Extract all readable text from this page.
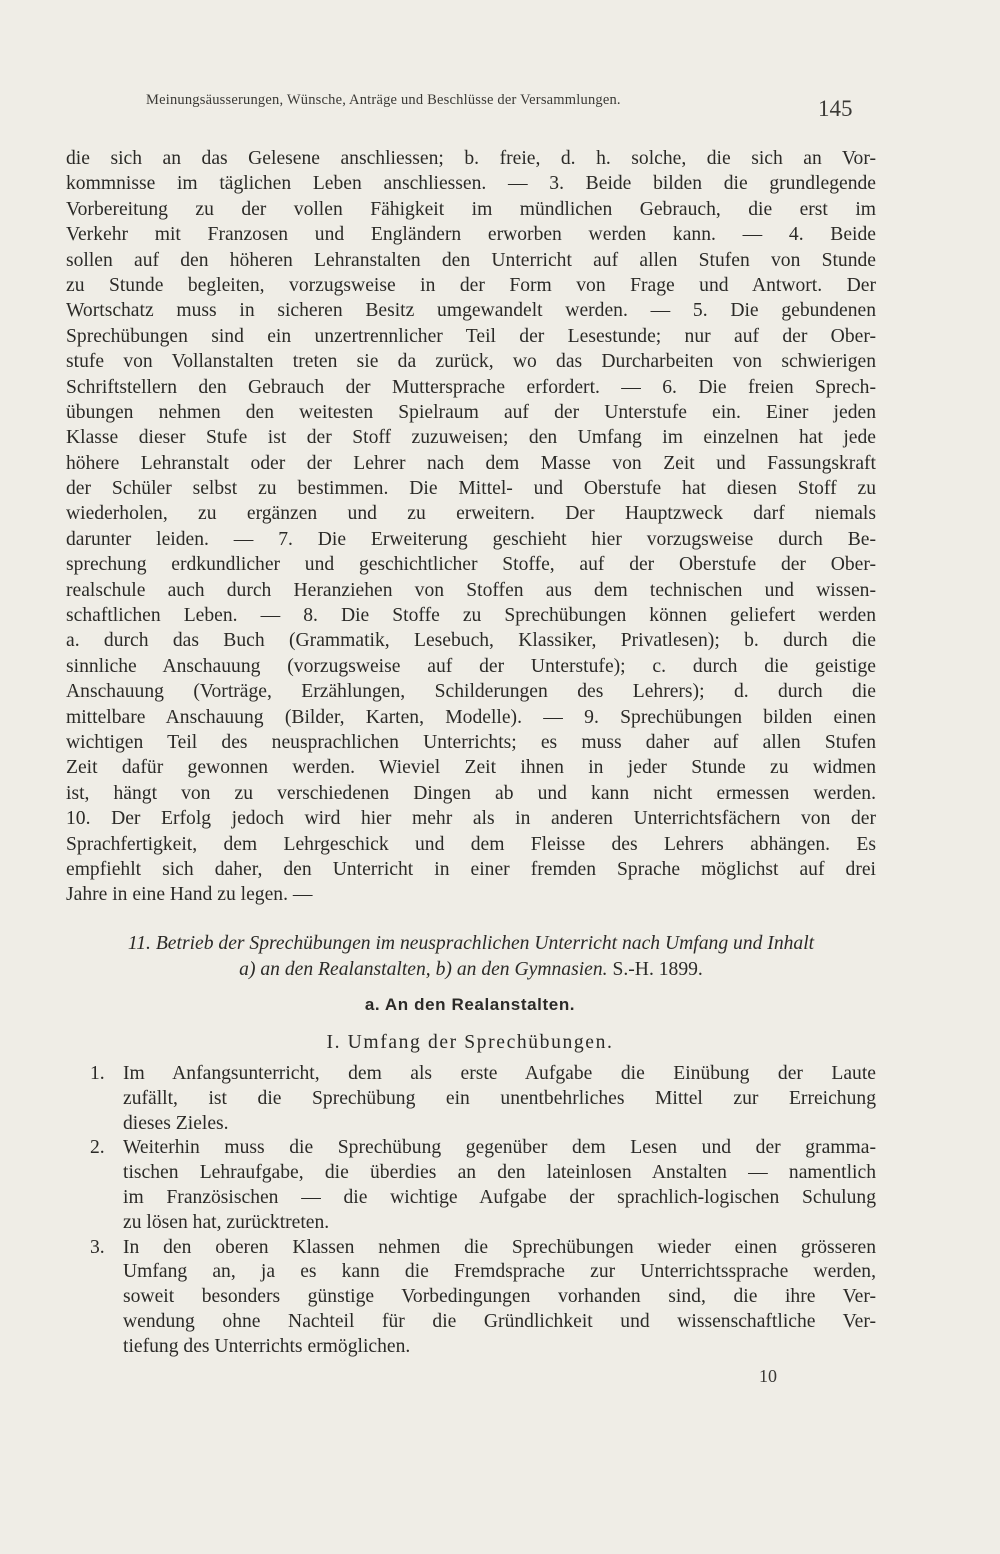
Meinungsäusserungen, Wünsche, Anträge und Beschlüsse der Versammlungen.	145
die sich an das Gelesene anschliessen; b. freie, d. h. solche, die sich an Vor-
kommnisse im täglichen Leben anschliessen. — 3. Beide bilden die grundlegende
Vorbereitung zu der vollen Fähigkeit im mündlichen Gebrauch, die erst im
Verkehr mit Franzosen und Engländern erworben werden kann. — 4. Beide
sollen auf den höheren Lehranstalten den Unterricht auf allen Stufen von Stunde
zu Stunde begleiten, vorzugsweise in der Form von Frage und Antwort. Der
Wortschatz muss in sicheren Besitz umgewandelt werden. — 5. Die gebundenen
Sprechübungen sind ein unzertrennlicher Teil der Lesestunde; nur auf der Ober-
stufe von Vollanstalten treten sie da zurück, wo das Durcharbeiten von schwierigen
Schriftstellern den Gebrauch der Muttersprache erfordert. — 6. Die freien Sprech-
übungen nehmen den weitesten Spielraum auf der Unterstufe ein. Einer jeden
Klasse dieser Stufe ist der Stoff zuzuweisen; den Umfang im einzelnen hat jede
höhere Lehranstalt oder der Lehrer nach dem Masse von Zeit und Fassungskraft
der Schüler selbst zu bestimmen. Die Mittel- und Oberstufe hat diesen Stoff zu
wiederholen, zu ergänzen und zu erweitern. Der Hauptzweck darf niemals
darunter leiden. — 7. Die Erweiterung geschieht hier vorzugsweise durch Be-
sprechung erdkundlicher und geschichtlicher Stoffe, auf der Oberstufe der Ober-
realschule auch durch Heranziehen von Stoffen aus dem technischen und wissen-
schaftlichen Leben. — 8. Die Stoffe zu Sprechübungen können geliefert werden
a. durch das Buch (Grammatik, Lesebuch, Klassiker, Privatlesen); b. durch die
sinnliche Anschauung (vorzugsweise auf der Unterstufe); c. durch die geistige
Anschauung (Vorträge, Erzählungen, Schilderungen des Lehrers); d. durch die
mittelbare Anschauung (Bilder, Karten, Modelle). — 9. Sprechübungen bilden einen
wichtigen Teil des neusprachlichen Unterrichts; es muss daher auf allen Stufen
Zeit dafür gewonnen werden. Wieviel Zeit ihnen in jeder Stunde zu widmen
ist, hängt von zu verschiedenen Dingen ab und kann nicht ermessen werden.
10. Der Erfolg jedoch wird hier mehr als in anderen Unterrichtsfächern von der
Sprachfertigkeit, dem Lehrgeschick und dem Fleisse des Lehrers abhängen. Es
empfiehlt sich daher, den Unterricht in einer fremden Sprache möglichst auf drei
Jahre in eine Hand zu legen. —
11. Betrieb der Sprechübungen im neusprachlichen Unterricht nach Umfang und Inhalt
a) an den Realanstalten, b) an den Gymnasien. S.-H. 1899.
a. An den Realanstalten.
I. Umfang der Sprechübungen.
1. Im Anfangsunterricht, dem als erste Aufgabe die Einübung der Laute
zufällt, ist die Sprechübung ein unentbehrliches Mittel zur Erreichung
dieses Zieles.
2. Weiterhin muss die Sprechübung gegenüber dem Lesen und der gramma-
tischen Lehraufgabe, die überdies an den lateinlosen Anstalten — namentlich
im Französischen — die wichtige Aufgabe der sprachlich-logischen Schulung
zu lösen hat, zurücktreten.
3. In den oberen Klassen nehmen die Sprechübungen wieder einen grösseren
Umfang an, ja es kann die Fremdsprache zur Unterrichtssprache werden,
soweit besonders günstige Vorbedingungen vorhanden sind, die ihre Ver-
wendung ohne Nachteil für die Gründlichkeit und wissenschaftliche Ver-
tiefung des Unterrichts ermöglichen.
10
